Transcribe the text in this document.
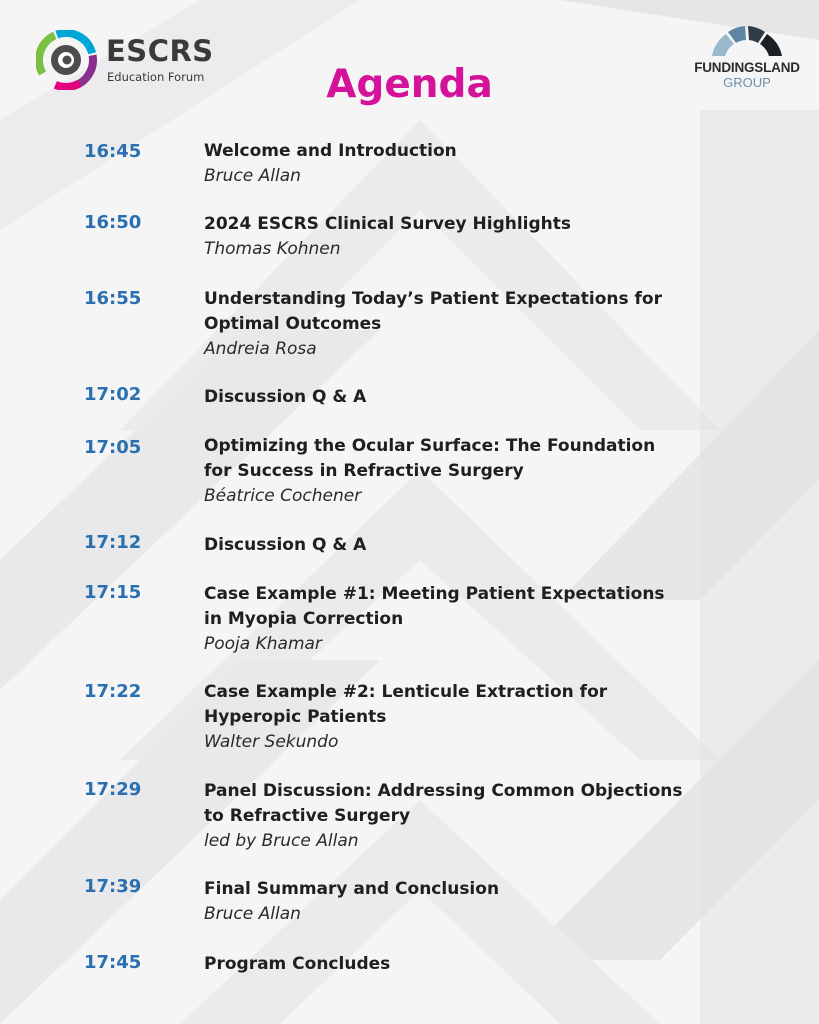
ESCRS
Education Forum
FUNDINGSLAND
GROUP
Agenda
16:45	Welcome and Introduction
Bruce Allan
16:50	2024 ESCRS Clinical Survey Highlights
Thomas Kohnen
16:55	Understanding Today’s Patient Expectations for
Optimal Outcomes
Andreia Rosa
17:02	Discussion Q & A
17:05	Optimizing the Ocular Surface: The Foundation
for Success in Refractive Surgery
Béatrice Cochener
17:12	Discussion Q & A
17:15	Case Example #1: Meeting Patient Expectations
in Myopia Correction
Pooja Khamar
17:22	Case Example #2: Lenticule Extraction for
Hyperopic Patients
Walter Sekundo
17:29	Panel Discussion: Addressing Common Objections
to Refractive Surgery
led by Bruce Allan
17:39	Final Summary and Conclusion
Bruce Allan
17:45	Program Concludes
